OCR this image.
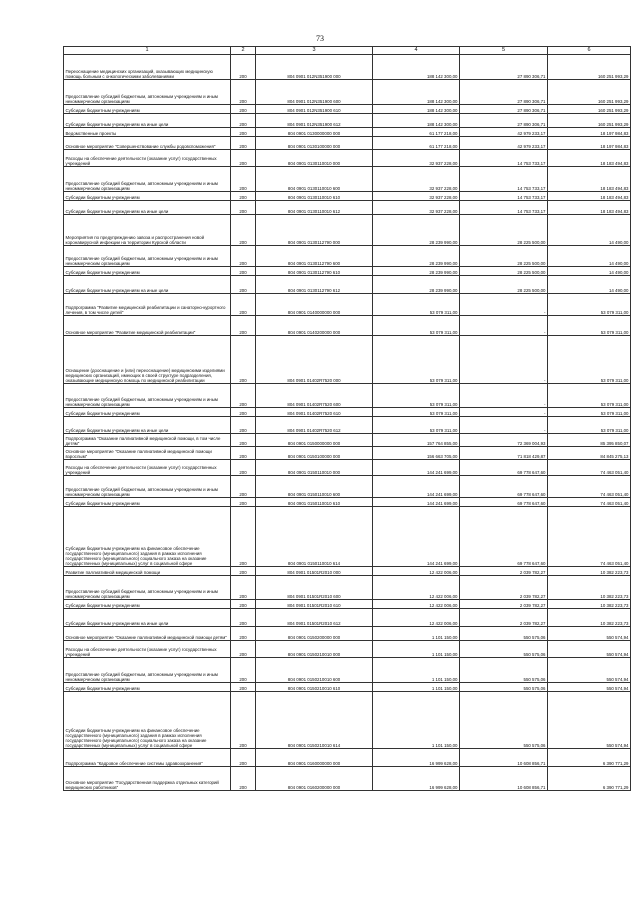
73
1	2	3	4	5	6
Переоснащение медицинских организаций, оказывающих медицинскую помощь больным с онкологическими заболеваниями	200	804 0901 012N351900 000	188 142 300,00	27 890 306,71	160 251 993,29
Предоставление субсидий бюджетным, автономным учреждениям и иным некоммерческим организациям	200	804 0901 012N351900 600	188 142 300,00	27 890 306,71	160 251 993,29
Субсидии бюджетным учреждениям	200	804 0901 012N351900 610	188 142 300,00	27 890 306,71	160 251 993,29
Субсидии бюджетным учреждениям на иные цели	200	804 0901 012N351900 612	188 142 300,00	27 890 306,71	160 251 993,29
Ведомственные проекты	200	804 0901 0130000000 000	61 177 218,00	42 979 233,17	18 197 984,83
Основное мероприятие "Совершенствование службы родовспоможения"	200	804 0901 0130100000 000	61 177 218,00	42 979 233,17	18 197 984,83
Расходы на обеспечение деятельности (оказание услуг) государственных учреждений	200	804 0901 0130110010 000	32 937 228,00	14 753 733,17	18 183 494,83
Предоставление субсидий бюджетным, автономным учреждениям и иным некоммерческим организациям	200	804 0901 0130110010 600	32 937 228,00	14 753 733,17	18 183 494,83
Субсидии бюджетным учреждениям	200	804 0901 0130110010 610	32 937 228,00	14 753 733,17	18 183 494,83
Субсидии бюджетным учреждениям на иные цели	200	804 0901 0130110010 612	32 937 228,00	14 753 733,17	18 183 494,83
Мероприятия по предупреждению завоза и распространения новой коронавирусной инфекции на территории Курской области	200	804 0901 0130112790 000	28 239 990,00	28 225 500,00	14 490,00
Предоставление субсидий бюджетным, автономным учреждениям и иным некоммерческим организациям	200	804 0901 0130112790 600	28 239 990,00	28 225 500,00	14 490,00
Субсидии бюджетным учреждениям	200	804 0901 0130112790 610	28 239 990,00	28 225 500,00	14 490,00
Субсидии бюджетным учреждениям на иные цели	200	804 0901 0130112790 612	28 239 990,00	28 225 500,00	14 490,00
Подпрограмма "Развитие медицинской реабилитации и санаторно-курортного лечения, в том числе детей"	200	804 0901 0140000000 000	53 079 311,00	-	53 079 311,00
Основное мероприятие "Развитие медицинской реабилитации"	200	804 0901 0140200000 000	53 079 311,00	-	53 079 311,00
Оснащение (дооснащение и (или) переоснащение) медицинскими изделиями медицинских организаций, имеющих в своей структуре подразделения, оказывающие медицинскую помощь по медицинской реабилитации	200	804 0901 01402R7520 000	53 079 311,00	-	53 079 311,00
Предоставление субсидий бюджетным, автономным учреждениям и иным некоммерческим организациям	200	804 0901 01402R7520 600	53 079 311,00	-	53 079 311,00
Субсидии бюджетным учреждениям	200	804 0901 01402R7520 610	53 079 311,00	-	53 079 311,00
Субсидии бюджетным учреждениям на иные цели	200	804 0901 01402R7520 612	53 079 311,00	-	53 079 311,00
Подпрограмма "Оказание паллиативной медицинской помощи, в том числе детям"	200	804 0901 0150000000 000	157 764 855,00	72 369 004,93	85 395 850,07
Основное мероприятие "Оказание паллиативной медицинской помощи взрослым"	200	804 0901 0150100000 000	156 663 705,00	71 818 429,87	84 845 275,13
Расходы на обеспечение деятельности (оказание услуг) государственных учреждений	200	804 0901 0150110010 000	144 241 699,00	69 778 647,60	74 463 051,40
Предоставление субсидий бюджетным, автономным учреждениям и иным некоммерческим организациям	200	804 0901 0150110010 600	144 241 699,00	69 778 647,60	74 463 051,40
Субсидии бюджетным учреждениям	200	804 0901 0150110010 610	144 241 699,00	69 778 647,60	74 463 051,40
Субсидии бюджетным учреждениям на финансовое обеспечение государственного (муниципального) задания в рамках исполнения государственного (муниципального) социального заказа на оказание государственных (муниципальных) услуг в социальной сфере	200	804 0901 0150110010 614	144 241 699,00	69 778 647,60	74 463 051,40
Развитие паллиативной медицинской помощи	200	804 0901 01501R2010 000	12 422 006,00	2 039 782,27	10 382 223,73
Предоставление субсидий бюджетным, автономным учреждениям и иным некоммерческим организациям	200	804 0901 01501R2010 600	12 422 006,00	2 039 782,27	10 382 223,73
Субсидии бюджетным учреждениям	200	804 0901 01501R2010 610	12 422 006,00	2 039 782,27	10 382 223,73
Субсидии бюджетным учреждениям на иные цели	200	804 0901 01501R2010 612	12 422 006,00	2 039 782,27	10 382 223,73
Основное мероприятие "Оказание паллиативной медицинской помощи детям"	200	804 0901 0150200000 000	1 101 150,00	550 575,06	550 574,94
Расходы на обеспечение деятельности (оказание услуг) государственных учреждений	200	804 0901 0150210010 000	1 101 150,00	550 575,06	550 574,94
Предоставление субсидий бюджетным, автономным учреждениям и иным некоммерческим организациям	200	804 0901 0150210010 600	1 101 150,00	550 575,06	550 574,94
Субсидии бюджетным учреждениям	200	804 0901 0150210010 610	1 101 150,00	550 575,06	550 574,94
Субсидии бюджетным учреждениям на финансовое обеспечение государственного (муниципального) задания в рамках исполнения государственного (муниципального) социального заказа на оказание государственных (муниципальных) услуг в социальной сфере	200	804 0901 0150210010 614	1 101 150,00	550 575,06	550 574,94
Подпрограмма "Кадровое обеспечение системы здравоохранения"	200	804 0901 0160000000 000	16 999 628,00	10 608 856,71	6 390 771,29
Основное мероприятие "Государственная поддержка отдельных категорий медицинских работников"	200	804 0901 0160200000 000	16 999 628,00	10 608 856,71	6 390 771,29
